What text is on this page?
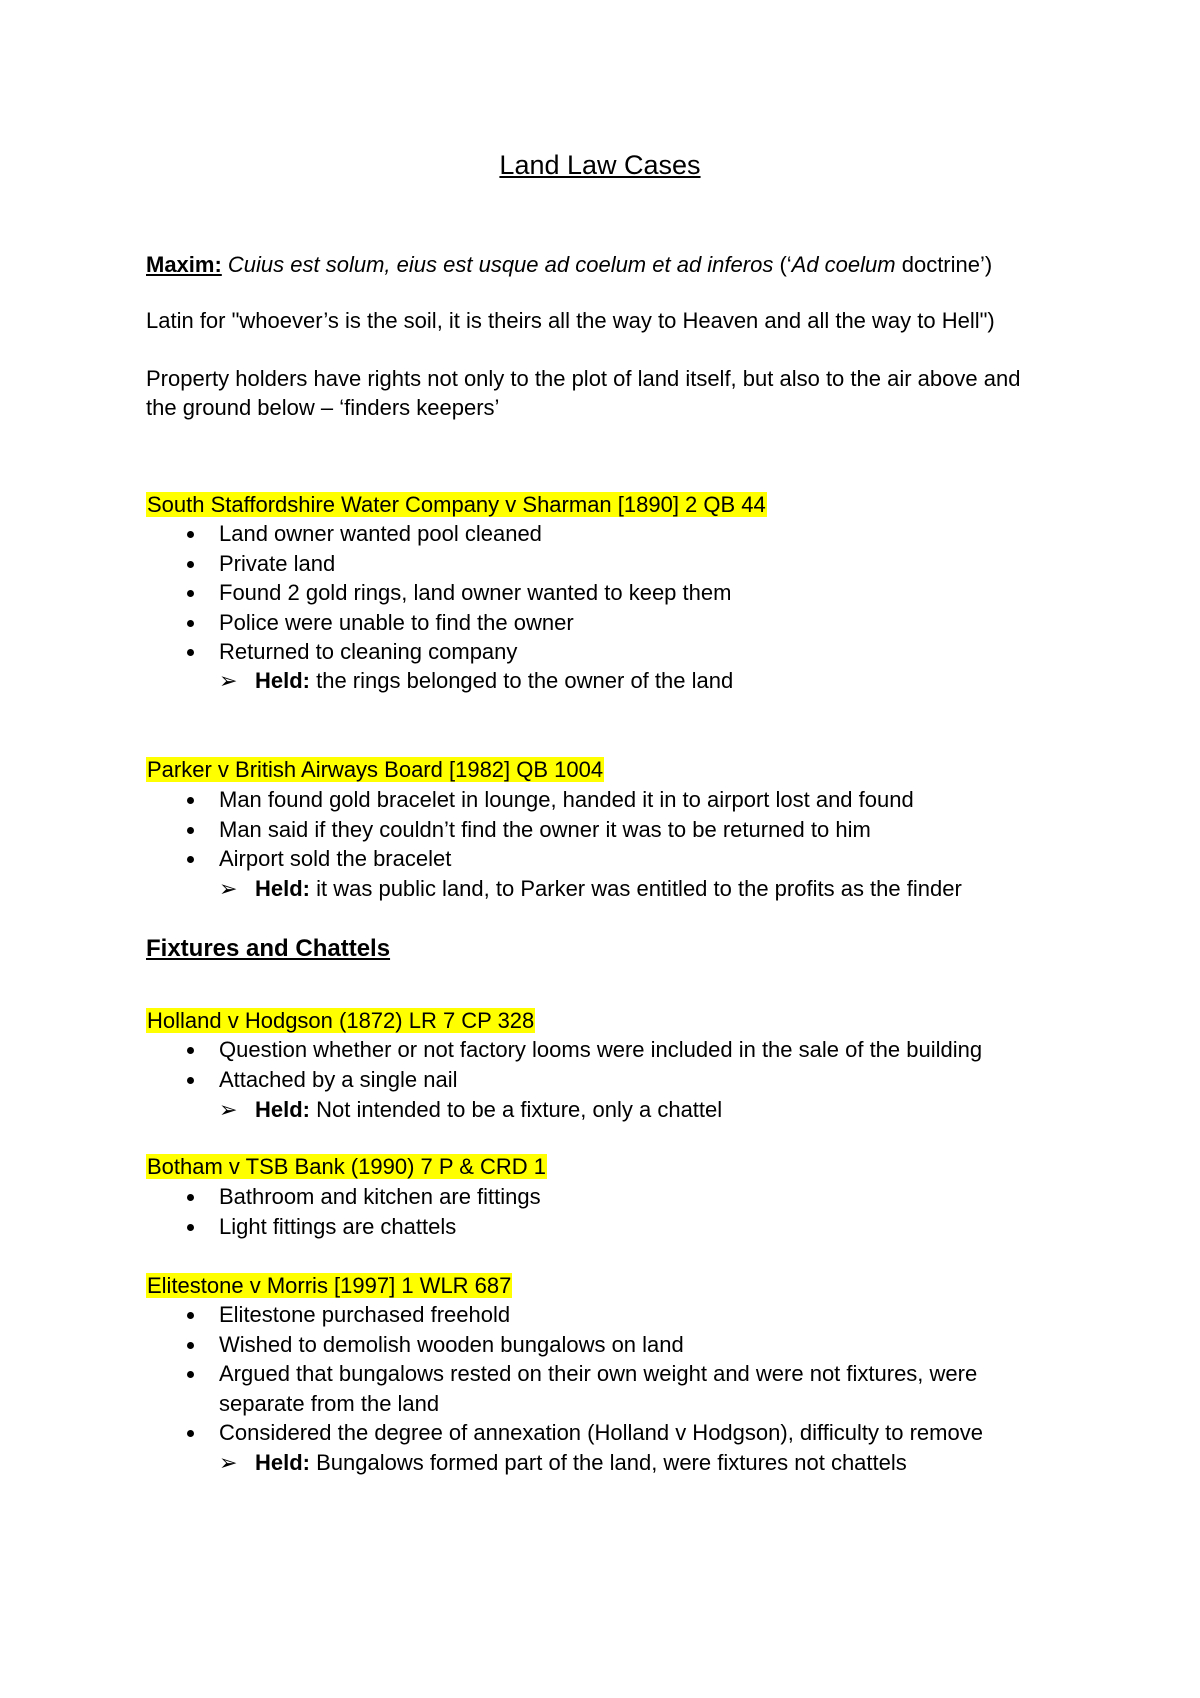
Land Law Cases
Maxim: Cuius est solum, eius est usque ad coelum et ad inferos (‘Ad coelum doctrine’)
Latin for "whoever’s is the soil, it is theirs all the way to Heaven and all the way to Hell")
Property holders have rights not only to the plot of land itself, but also to the air above and the ground below – ‘finders keepers’
South Staffordshire Water Company v Sharman [1890] 2 QB 44
Land owner wanted pool cleaned
Private land
Found 2 gold rings, land owner wanted to keep them
Police were unable to find the owner
Returned to cleaning company
➢ Held: the rings belonged to the owner of the land
Parker v British Airways Board [1982] QB 1004
Man found gold bracelet in lounge, handed it in to airport lost and found
Man said if they couldn’t find the owner it was to be returned to him
Airport sold the bracelet
➢ Held: it was public land, to Parker was entitled to the profits as the finder
Fixtures and Chattels
Holland v Hodgson (1872) LR 7 CP 328
Question whether or not factory looms were included in the sale of the building
Attached by a single nail
➢ Held: Not intended to be a fixture, only a chattel
Botham v TSB Bank (1990) 7 P & CRD 1
Bathroom and kitchen are fittings
Light fittings are chattels
Elitestone v Morris [1997] 1 WLR 687
Elitestone purchased freehold
Wished to demolish wooden bungalows on land
Argued that bungalows rested on their own weight and were not fixtures, were
separate from the land
Considered the degree of annexation (Holland v Hodgson), difficulty to remove
➢ Held: Bungalows formed part of the land, were fixtures not chattels
